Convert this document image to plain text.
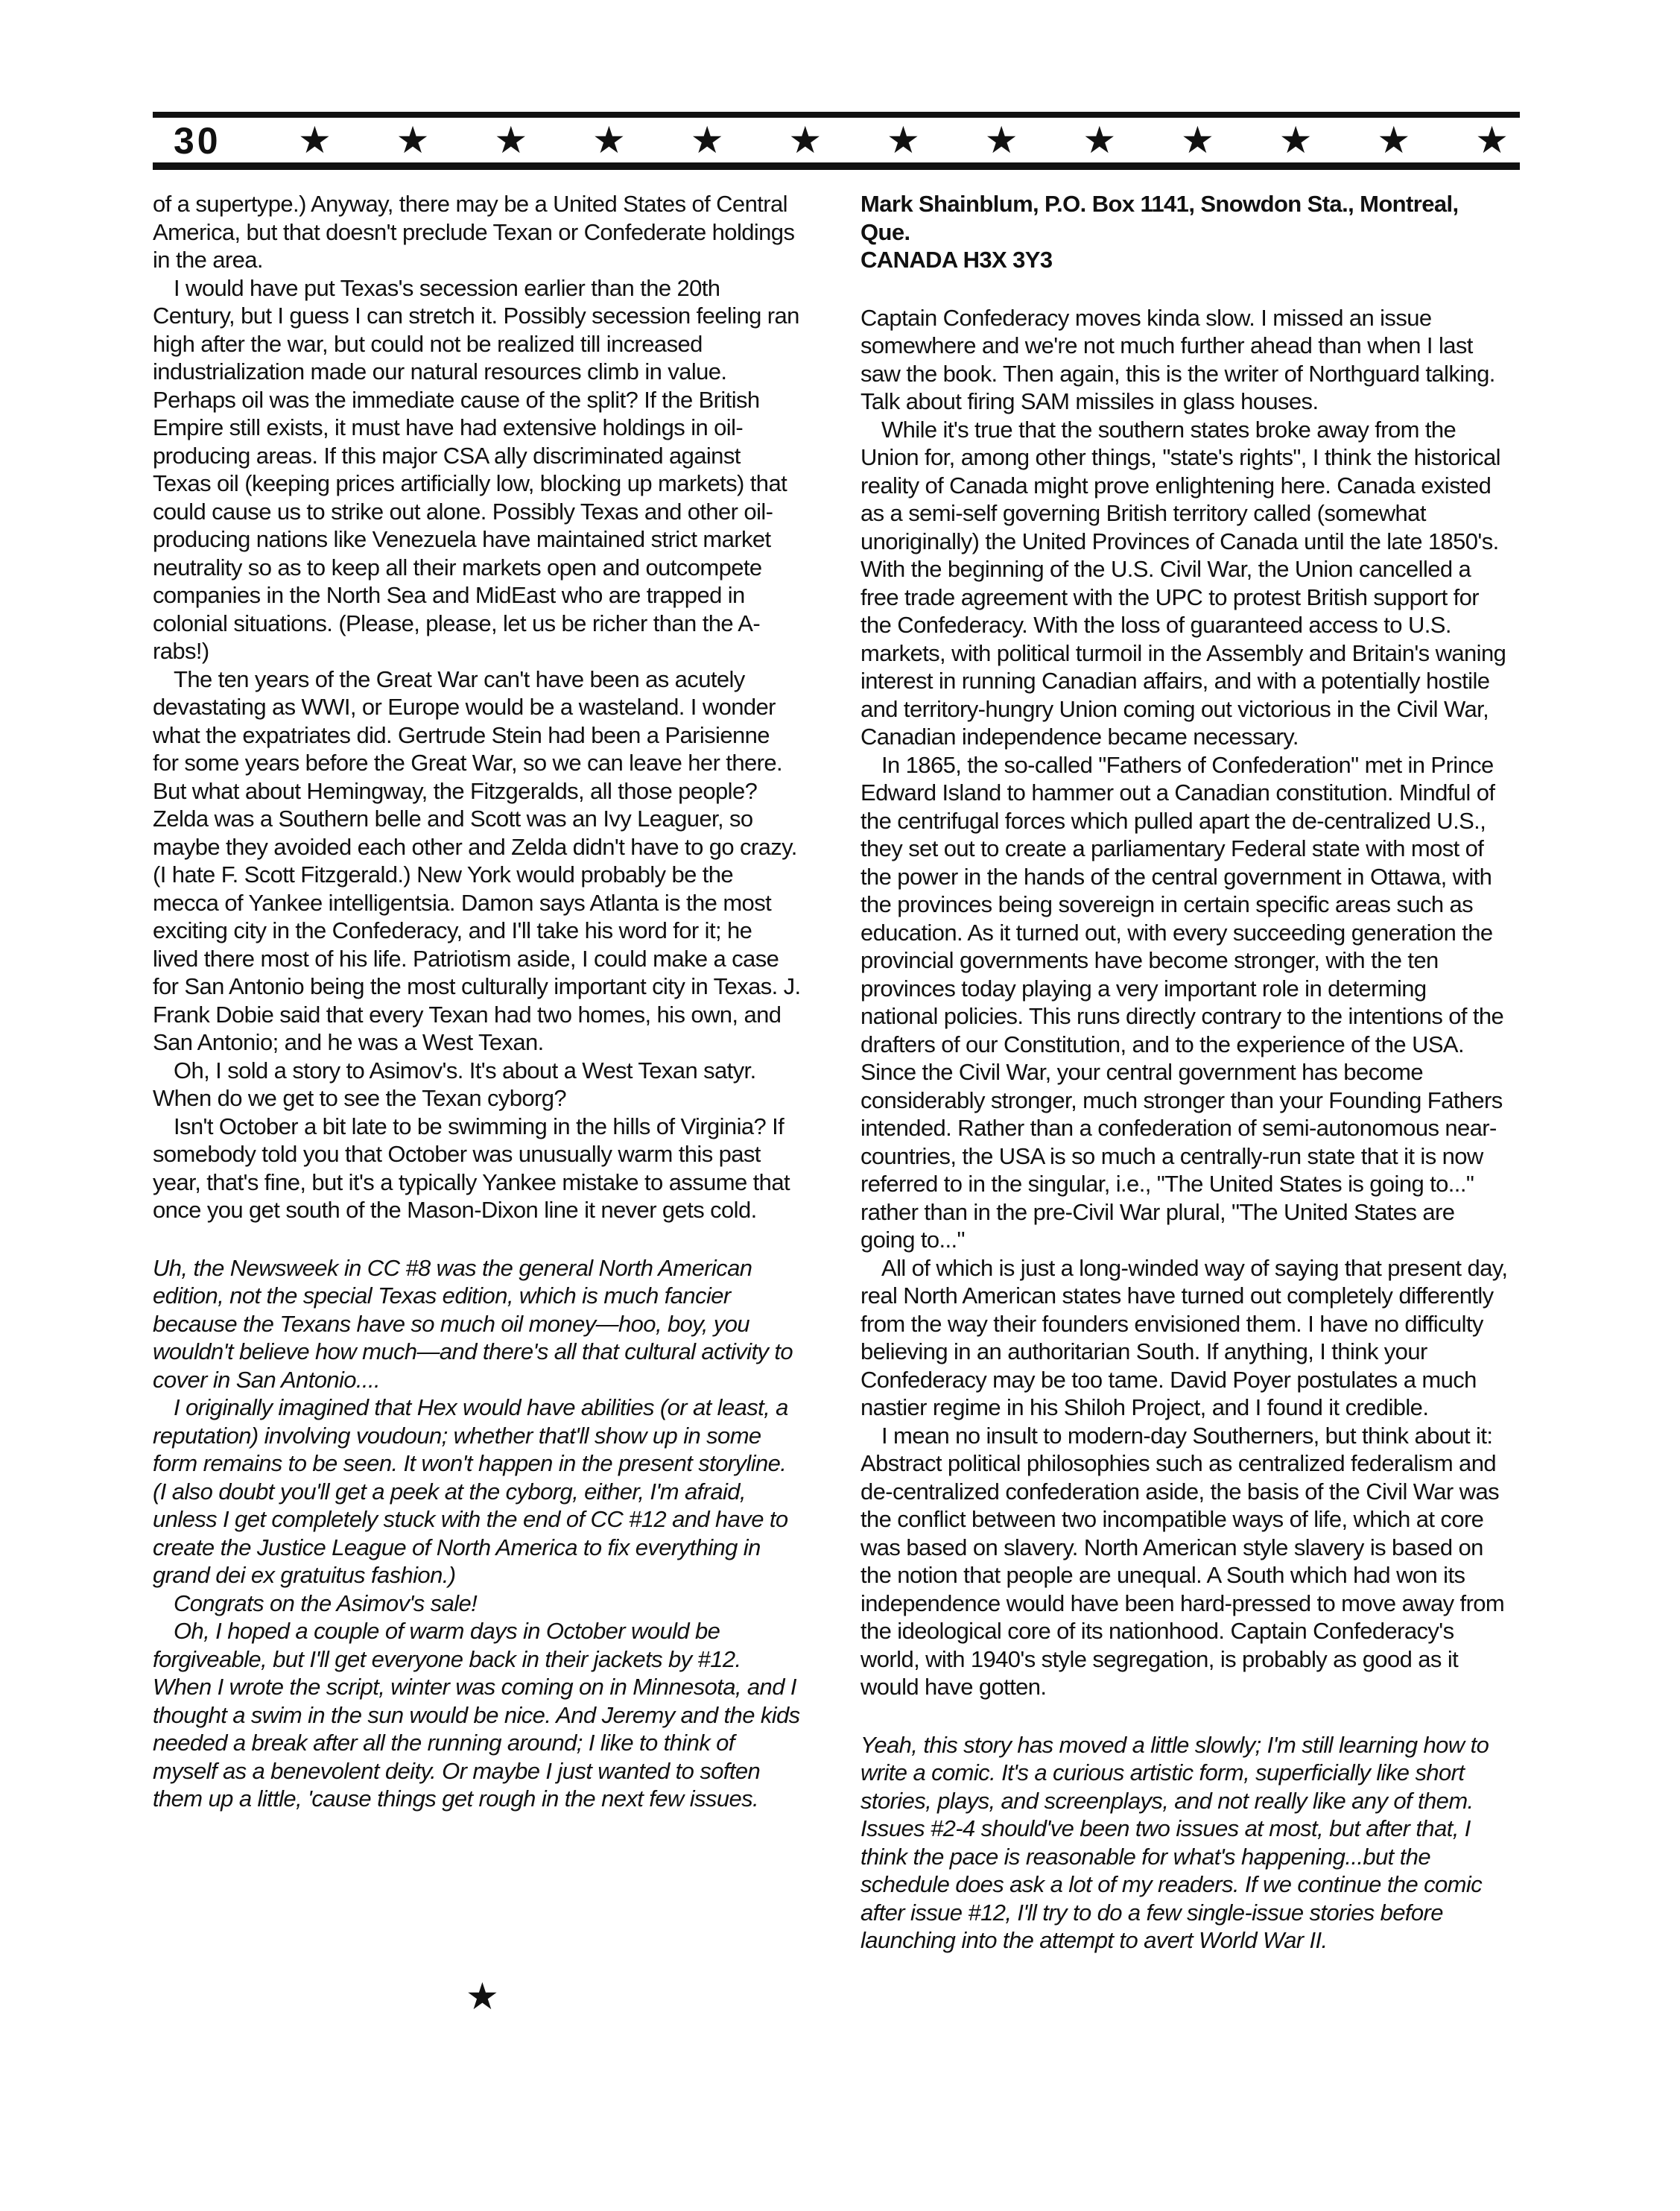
30 ★ ★ ★ ★ ★ ★ ★ ★ ★ ★ ★ ★ ★

of a supertype.) Anyway, there may be a United States of Central America, but that doesn't preclude Texan or Confederate holdings in the area.

I would have put Texas's secession earlier than the 20th Century, but I guess I can stretch it. Possibly secession feeling ran high after the war, but could not be realized till increased industrialization made our natural resources climb in value. Perhaps oil was the immediate cause of the split? If the British Empire still exists, it must have had extensive holdings in oil-producing areas. If this major CSA ally discriminated against Texas oil (keeping prices artificially low, blocking up markets) that could cause us to strike out alone. Possibly Texas and other oil-producing nations like Venezuela have maintained strict market neutrality so as to keep all their markets open and outcompete companies in the North Sea and MidEast who are trapped in colonial situations. (Please, please, let us be richer than the A-rabs!)

The ten years of the Great War can't have been as acutely devastating as WWI, or Europe would be a wasteland. I wonder what the expatriates did. Gertrude Stein had been a Parisienne for some years before the Great War, so we can leave her there. But what about Hemingway, the Fitzgeralds, all those people? Zelda was a Southern belle and Scott was an Ivy Leaguer, so maybe they avoided each other and Zelda didn't have to go crazy. (I hate F. Scott Fitzgerald.) New York would probably be the mecca of Yankee intelligentsia. Damon says Atlanta is the most exciting city in the Confederacy, and I'll take his word for it; he lived there most of his life. Patriotism aside, I could make a case for San Antonio being the most culturally important city in Texas. J. Frank Dobie said that every Texan had two homes, his own, and San Antonio; and he was a West Texan.

Oh, I sold a story to Asimov's. It's about a West Texan satyr. When do we get to see the Texan cyborg?

Isn't October a bit late to be swimming in the hills of Virginia? If somebody told you that October was unusually warm this past year, that's fine, but it's a typically Yankee mistake to assume that once you get south of the Mason-Dixon line it never gets cold.

Uh, the Newsweek in CC #8 was the general North American edition, not the special Texas edition, which is much fancier because the Texans have so much oil money—hoo, boy, you wouldn't believe how much—and there's all that cultural activity to cover in San Antonio....

I originally imagined that Hex would have abilities (or at least, a reputation) involving voudoun; whether that'll show up in some form remains to be seen. It won't happen in the present storyline. (I also doubt you'll get a peek at the cyborg, either, I'm afraid, unless I get completely stuck with the end of CC #12 and have to create the Justice League of North America to fix everything in grand dei ex gratuitus fashion.)

Congrats on the Asimov's sale!

Oh, I hoped a couple of warm days in October would be forgiveable, but I'll get everyone back in their jackets by #12. When I wrote the script, winter was coming on in Minnesota, and I thought a swim in the sun would be nice. And Jeremy and the kids needed a break after all the running around; I like to think of myself as a benevolent deity. Or maybe I just wanted to soften them up a little, 'cause things get rough in the next few issues.

★

Mark Shainblum, P.O. Box 1141, Snowdon Sta., Montreal, Que.

CANADA H3X 3Y3

Captain Confederacy moves kinda slow. I missed an issue somewhere and we're not much further ahead than when I last saw the book. Then again, this is the writer of Northguard talking. Talk about firing SAM missiles in glass houses.

While it's true that the southern states broke away from the Union for, among other things, "state's rights", I think the historical reality of Canada might prove enlightening here. Canada existed as a semi-self governing British territory called (somewhat unoriginally) the United Provinces of Canada until the late 1850's. With the beginning of the U.S. Civil War, the Union cancelled a free trade agreement with the UPC to protest British support for the Confederacy. With the loss of guaranteed access to U.S. markets, with political turmoil in the Assembly and Britain's waning interest in running Canadian affairs, and with a potentially hostile and territory-hungry Union coming out victorious in the Civil War, Canadian independence became necessary.

In 1865, the so-called "Fathers of Confederation" met in Prince Edward Island to hammer out a Canadian constitution. Mindful of the centrifugal forces which pulled apart the de-centralized U.S., they set out to create a parliamentary Federal state with most of the power in the hands of the central government in Ottawa, with the provinces being sovereign in certain specific areas such as education. As it turned out, with every succeeding generation the provincial governments have become stronger, with the ten provinces today playing a very important role in determing national policies. This runs directly contrary to the intentions of the drafters of our Constitution, and to the experience of the USA. Since the Civil War, your central government has become considerably stronger, much stronger than your Founding Fathers intended. Rather than a confederation of semi-autonomous near-countries, the USA is so much a centrally-run state that it is now referred to in the singular, i.e., "The United States is going to..." rather than in the pre-Civil War plural, "The United States are going to..."

All of which is just a long-winded way of saying that present day, real North American states have turned out completely differently from the way their founders envisioned them. I have no difficulty believing in an authoritarian South. If anything, I think your Confederacy may be too tame. David Poyer postulates a much nastier regime in his Shiloh Project, and I found it credible.

I mean no insult to modern-day Southerners, but think about it: Abstract political philosophies such as centralized federalism and de-centralized confederation aside, the basis of the Civil War was the conflict between two incompatible ways of life, which at core was based on slavery. North American style slavery is based on the notion that people are unequal. A South which had won its independence would have been hard-pressed to move away from the ideological core of its nationhood. Captain Confederacy's world, with 1940's style segregation, is probably as good as it would have gotten.

Yeah, this story has moved a little slowly; I'm still learning how to write a comic. It's a curious artistic form, superficially like short stories, plays, and screenplays, and not really like any of them. Issues #2-4 should've been two issues at most, but after that, I think the pace is reasonable for what's happening...but the schedule does ask a lot of my readers. If we continue the comic after issue #12, I'll try to do a few single-issue stories before launching into the attempt to avert World War II.
